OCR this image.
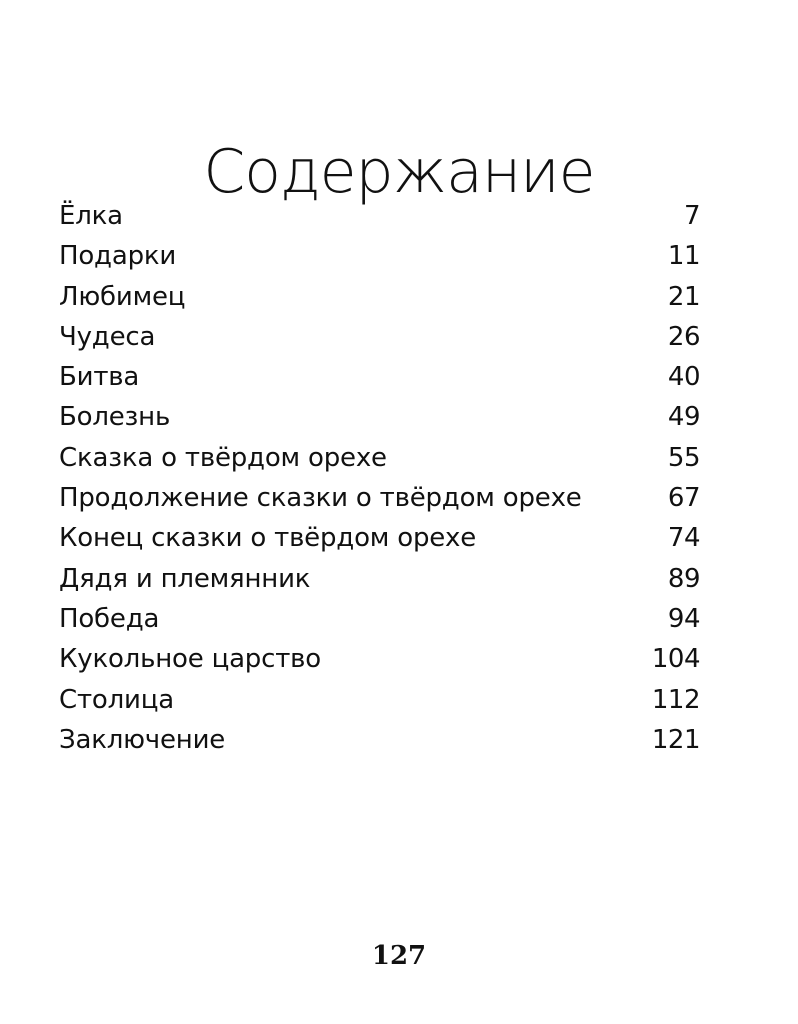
Содержание
Ёлка	7
Подарки	11
Любимец	21
Чудеса	26
Битва	40
Болезнь	49
Сказка о твёрдом орехе	55
Продолжение сказки о твёрдом орехе	67
Конец сказки о твёрдом орехе	74
Дядя и племянник	89
Победа	94
Кукольное царство	104
Столица	112
Заключение	121
127
